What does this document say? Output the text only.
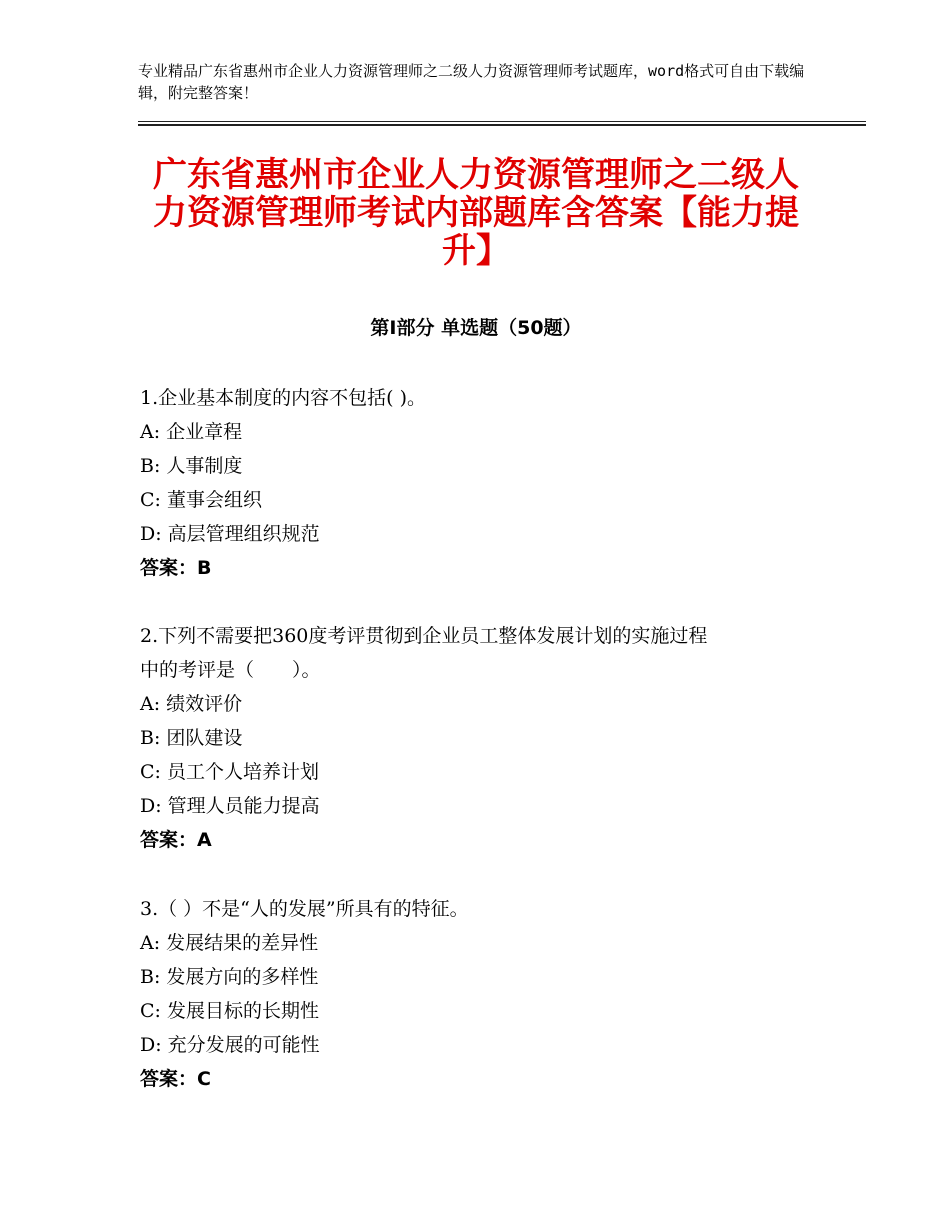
专业精品广东省惠州市企业人力资源管理师之二级人力资源管理师考试题库，word格式可自由下载编辑，附完整答案！
广东省惠州市企业人力资源管理师之二级人
力资源管理师考试内部题库含答案【能力提
升】
第Ⅰ部分 单选题（50题）

1.企业基本制度的内容不包括( )。

A: 企业章程

B: 人事制度

C: 董事会组织

D: 高层管理组织规范

答案：B

2.下列不需要把360度考评贯彻到企业员工整体发展计划的实施过程

中的考评是（　　）。

A: 绩效评价

B: 团队建设

C: 员工个人培养计划

D: 管理人员能力提高

答案：A

3.（ ）不是“人的发展”所具有的特征。

A: 发展结果的差异性

B: 发展方向的多样性

C: 发展目标的长期性

D: 充分发展的可能性

答案：C
